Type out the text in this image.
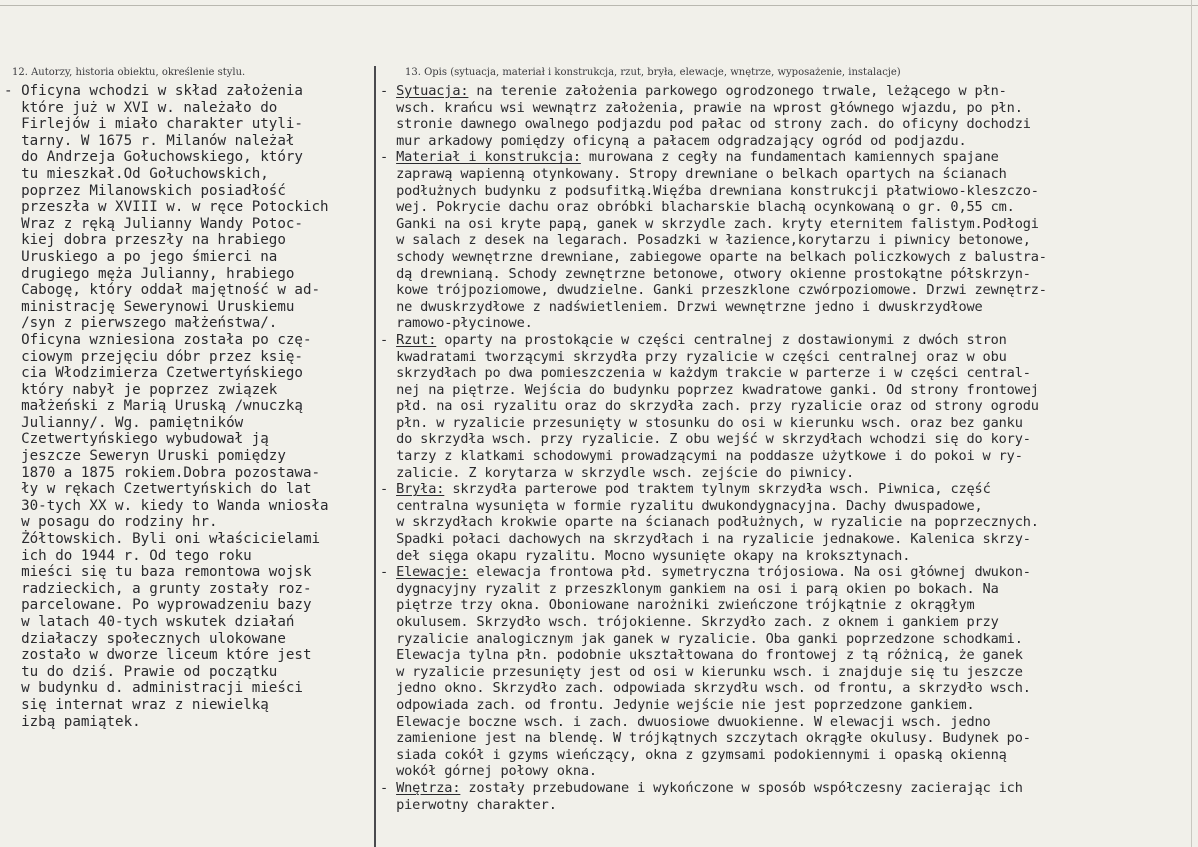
12. Autorzy, historia obiektu, określenie stylu.	13. Opis (sytuacja, materiał i konstrukcja, rzut, bryła, elewacje, wnętrze, wyposażenie, instalacje)
- Oficyna wchodzi w skład założenia
które już w XVI w. należało do
Firlejów i miało charakter utyli-
tarny. W 1675 r. Milanów należał
do Andrzeja Gołuchowskiego, który
tu mieszkał.Od Gołuchowskich,
poprzez Milanowskich posiadłość
przeszła w XVIII w. w ręce Potockich
Wraz z ręką Julianny Wandy Potoc-
kiej dobra przeszły na hrabiego
Uruskiego a po jego śmierci na
drugiego męża Julianny, hrabiego
Cabogę, który oddał majętność w ad-
ministrację Sewerynowi Uruskiemu
/syn z pierwszego małżeństwa/.
Oficyna wzniesiona została po czę-
ciowym przejęciu dóbr przez księ-
cia Włodzimierza Czetwertyńskiego
który nabył je poprzez związek
małżeński z Marią Uruską /wnuczką
Julianny/. Wg. pamiętników
Czetwertyńskiego wybudował ją
jeszcze Seweryn Uruski pomiędzy
1870 a 1875 rokiem.Dobra pozostawa-
ły w rękach Czetwertyńskich do lat
30-tych XX w. kiedy to Wanda wniosła
w posagu do rodziny hr.
Żółtowskich. Byli oni właścicielami
ich do 1944 r. Od tego roku
mieści się tu baza remontowa wojsk
radzieckich, a grunty zostały roz-
parcelowane. Po wyprowadzeniu bazy
w latach 40-tych wskutek działań
działaczy społecznych ulokowane
zostało w dworze liceum które jest
tu do dziś. Prawie od początku
w budynku d. administracji mieści
się internat wraz z niewielką
izbą pamiątek.
- Sytuacja: na terenie założenia parkowego ogrodzonego trwale, leżącego w płn-
wsch. krańcu wsi wewnątrz założenia, prawie na wprost głównego wjazdu, po płn.
stronie dawnego owalnego podjazdu pod pałac od strony zach. do oficyny dochodzi
mur arkadowy pomiędzy oficyną a pałacem odgradzający ogród od podjazdu.
- Materiał i konstrukcja: murowana z cegły na fundamentach kamiennych spajane
zaprawą wapienną otynkowany. Stropy drewniane o belkach opartych na ścianach
podłużnych budynku z podsufitką.Więźba drewniana konstrukcji płatwiowo-kleszczo-
wej. Pokrycie dachu oraz obróbki blacharskie blachą ocynkowaną o gr. 0,55 cm.
Ganki na osi kryte papą, ganek w skrzydle zach. kryty eternitem falistym.Podłogi
w salach z desek na legarach. Posadzki w łazience,korytarzu i piwnicy betonowe,
schody wewnętrzne drewniane, zabiegowe oparte na belkach policzkowych z balustra-
dą drewnianą. Schody zewnętrzne betonowe, otwory okienne prostokątne półskrzyn-
kowe trójpoziomowe, dwudzielne. Ganki przeszklone czwórpoziomowe. Drzwi zewnętrz-
ne dwuskrzydłowe z nadświetleniem. Drzwi wewnętrzne jedno i dwuskrzydłowe
ramowo-płycinowe.
- Rzut: oparty na prostokącie w części centralnej z dostawionymi z dwóch stron
kwadratami tworzącymi skrzydła przy ryzalicie w części centralnej oraz w obu
skrzydłach po dwa pomieszczenia w każdym trakcie w parterze i w części central-
nej na piętrze. Wejścia do budynku poprzez kwadratowe ganki. Od strony frontowej
płd. na osi ryzalitu oraz do skrzydła zach. przy ryzalicie oraz od strony ogrodu
płn. w ryzalicie przesunięty w stosunku do osi w kierunku wsch. oraz bez ganku
do skrzydła wsch. przy ryzalicie. Z obu wejść w skrzydłach wchodzi się do kory-
tarzy z klatkami schodowymi prowadzącymi na poddasze użytkowe i do pokoi w ry-
zalicie. Z korytarza w skrzydle wsch. zejście do piwnicy.
- Bryła: skrzydła parterowe pod traktem tylnym skrzydła wsch. Piwnica, część
centralna wysunięta w formie ryzalitu dwukondygnacyjna. Dachy dwuspadowe,
w skrzydłach krokwie oparte na ścianach podłużnych, w ryzalicie na poprzecznych.
Spadki połaci dachowych na skrzydłach i na ryzalicie jednakowe. Kalenica skrzy-
deł sięga okapu ryzalitu. Mocno wysunięte okapy na kroksztynach.
- Elewacje: elewacja frontowa płd. symetryczna trójosiowa. Na osi głównej dwukon-
dygnacyjny ryzalit z przeszklonym gankiem na osi i parą okien po bokach. Na
piętrze trzy okna. Oboniowane narożniki zwieńczone trójkątnie z okrągłym
okulusem. Skrzydło wsch. trójokienne. Skrzydło zach. z oknem i gankiem przy
ryzalicie analogicznym jak ganek w ryzalicie. Oba ganki poprzedzone schodkami.
Elewacja tylna płn. podobnie ukształtowana do frontowej z tą różnicą, że ganek
w ryzalicie przesunięty jest od osi w kierunku wsch. i znajduje się tu jeszcze
jedno okno. Skrzydło zach. odpowiada skrzydłu wsch. od frontu, a skrzydło wsch.
odpowiada zach. od frontu. Jedynie wejście nie jest poprzedzone gankiem.
Elewacje boczne wsch. i zach. dwuosiowe dwuokienne. W elewacji wsch. jedno
zamienione jest na blendę. W trójkątnych szczytach okrągłe okulusy. Budynek po-
siada cokół i gzyms wieńczący, okna z gzymsami podokiennymi i opaską okienną
wokół górnej połowy okna.
- Wnętrza: zostały przebudowane i wykończone w sposób współczesny zacierając ich
pierwotny charakter.
